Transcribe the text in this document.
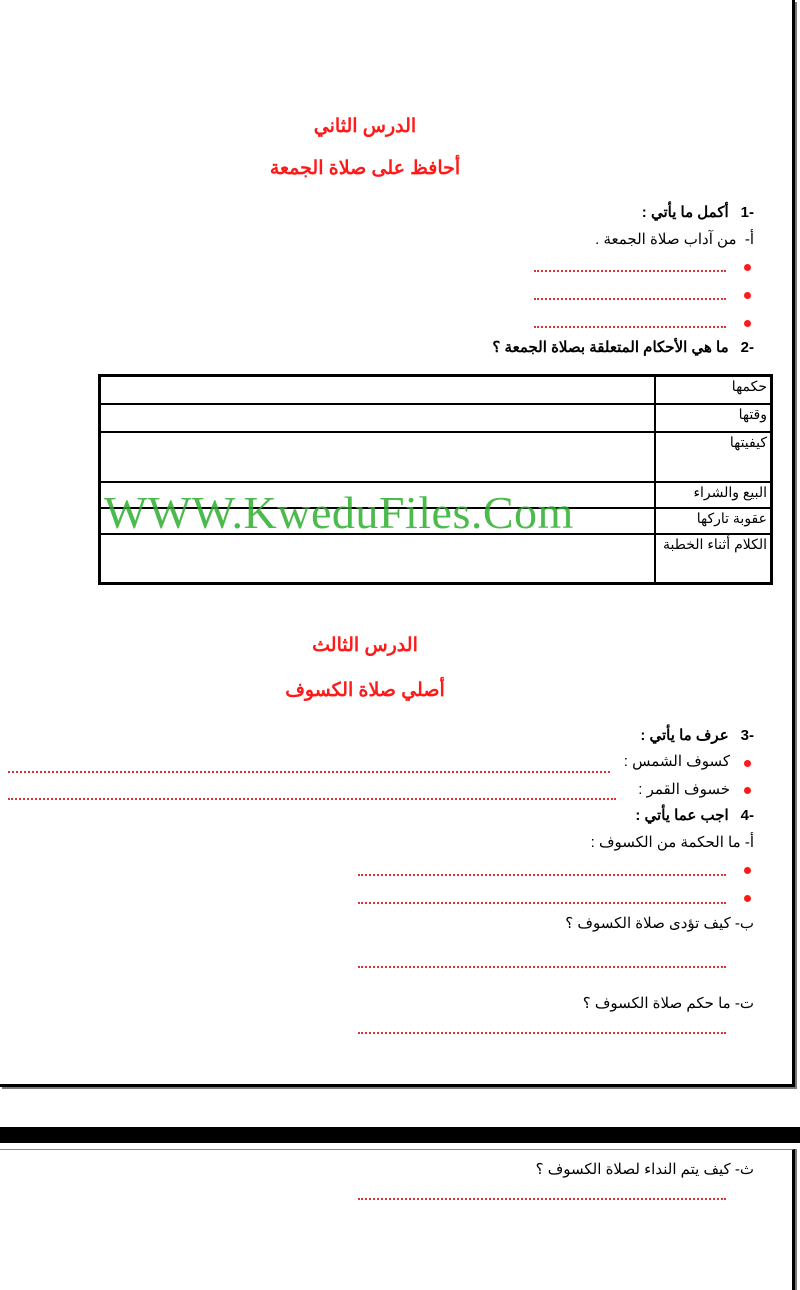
الدرس الثاني
أحافظ على صلاة الجمعة
-1أكمل ما يأتي :
أ-  من آداب صلاة الجمعة .
-2ما هي الأحكام المتعلقة بصلاة الجمعة ؟
حكمها	
وقتها	
كيفيتها	
البيع والشراء	
عقوبة تاركها	
الكلام أثناء الخطبة	
WWW.KweduFiles.Com
الدرس الثالث
أصلي صلاة الكسوف
-3عرف ما يأتي :
كسوف الشمس :
خسوف القمر :
-4اجب عما يأتي :
أ- ما الحكمة من الكسوف :
ب- كيف تؤدى صلاة الكسوف ؟
ت- ما حكم صلاة الكسوف ؟
ث- كيف يتم النداء لصلاة الكسوف ؟
